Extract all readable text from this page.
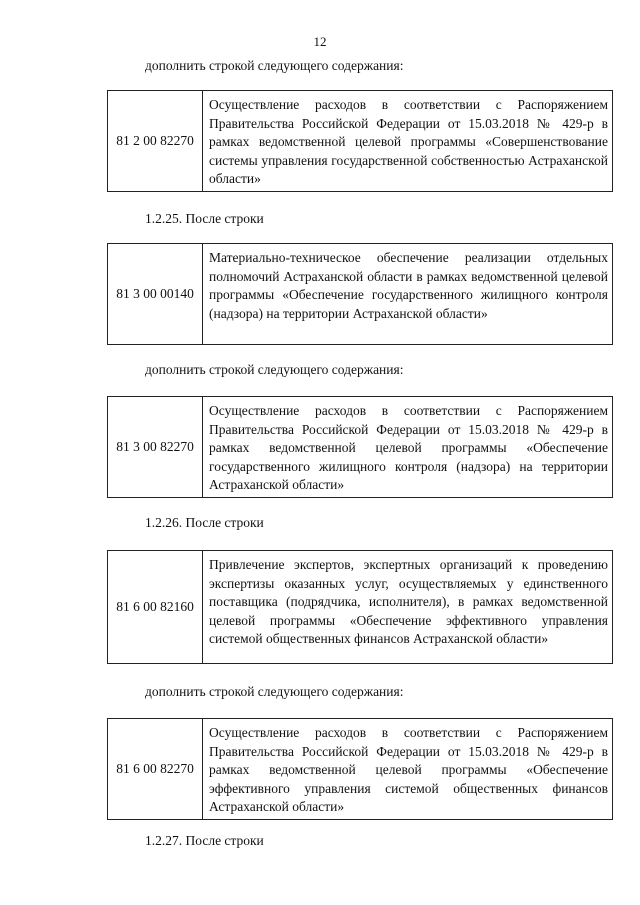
12
дополнить строкой следующего содержания:
81 2 00 82270
Осуществление расходов в соответствии с Распоряжением Правительства Российской Федерации от 15.03.2018 № 429-р в рамках ведомственной целевой программы «Совершенствование системы управления государственной собственностью Астраханской области»
1.2.25. После строки
81 3 00 00140
Материально-техническое обеспечение реализации отдельных полномочий Астраханской области в рамках ведомственной целевой программы «Обеспечение государственного жилищного контроля (надзора) на территории Астраханской области»
дополнить строкой следующего содержания:
81 3 00 82270
Осуществление расходов в соответствии с Распоряжением Правительства Российской Федерации от 15.03.2018 № 429-р в рамках ведомственной целевой программы «Обеспечение государственного жилищного контроля (надзора) на территории Астраханской области»
1.2.26. После строки
81 6 00 82160
Привлечение экспертов, экспертных организаций к проведению экспертизы оказанных услуг, осуществляемых у единственного поставщика (подрядчика, исполнителя), в рамках ведомственной целевой программы «Обеспечение эффективного управления системой общественных финансов Астраханской области»
дополнить строкой следующего содержания:
81 6 00 82270
Осуществление расходов в соответствии с Распоряжением Правительства Российской Федерации от 15.03.2018 № 429-р в рамках ведомственной целевой программы «Обеспечение эффективного управления системой общественных финансов Астраханской области»
1.2.27. После строки
